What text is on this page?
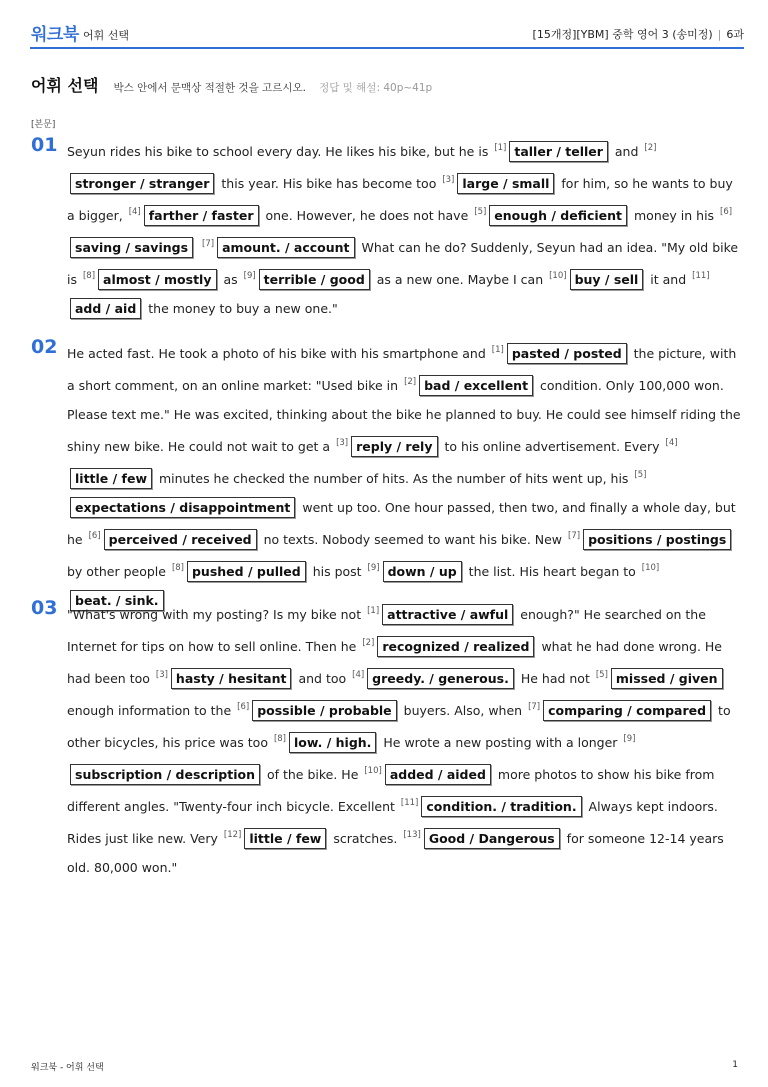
워크북 어휘 선택	[15개정][YBM] 중학 영어 3 (송미정) | 6과
어휘 선택 박스 안에서 문맥상 적절한 것을 고르시오. 정답 및 해설: 40p~41p
[본문]
01 Seyun rides his bike to school every day. He likes his bike, but he is [1] taller / teller and [2]stronger / stranger this year. His bike has become too [3] large / small for him, so he wants to buy a bigger, [4] farther / faster one. However, he does not have [5] enough / deficient money in his [6]saving / savings [7] amount. / account What can he do? Suddenly, Seyun had an idea. "My old bike is [8] almost / mostly as [9] terrible / good as a new one. Maybe I can [10] buy / sell it and [11]add / aid the money to buy a new one."
02 He acted fast. He took a photo of his bike with his smartphone and [1] pasted / posted the picture, with a short comment, on an online market: "Used bike in [2] bad / excellent condition. Only 100,000 won. Please text me." He was excited, thinking about the bike he planned to buy. He could see himself riding the shiny new bike. He could not wait to get a [3] reply / rely to his online advertisement. Every [4]little / few minutes he checked the number of hits. As the number of hits went up, his [5]expectations / disappointment went up too. One hour passed, then two, and finally a whole day, but he [6] perceived / received no texts. Nobody seemed to want his bike. New [7] positions / postings by other people [8] pushed / pulled his post [9] down / up the list. His heart began to [10]beat. / sink.
03 "What's wrong with my posting? Is my bike not [1] attractive / awful enough?" He searched on the Internet for tips on how to sell online. Then he [2] recognized / realized what he had done wrong. He had been too [3] hasty / hesitant and too [4] greedy. / generous. He had not [5] missed / given enough information to the [6] possible / probable buyers. Also, when [7] comparing / compared to other bicycles, his price was too [8] low. / high. He wrote a new posting with a longer [9]subscription / description of the bike. He [10] added / aided more photos to show his bike from different angles. "Twenty-four inch bicycle. Excellent [11] condition. / tradition. Always kept indoors. Rides just like new. Very [12] little / few scratches. [13] Good / Dangerous for someone 12-14 years old. 80,000 won."
워크북 - 어휘 선택	1
